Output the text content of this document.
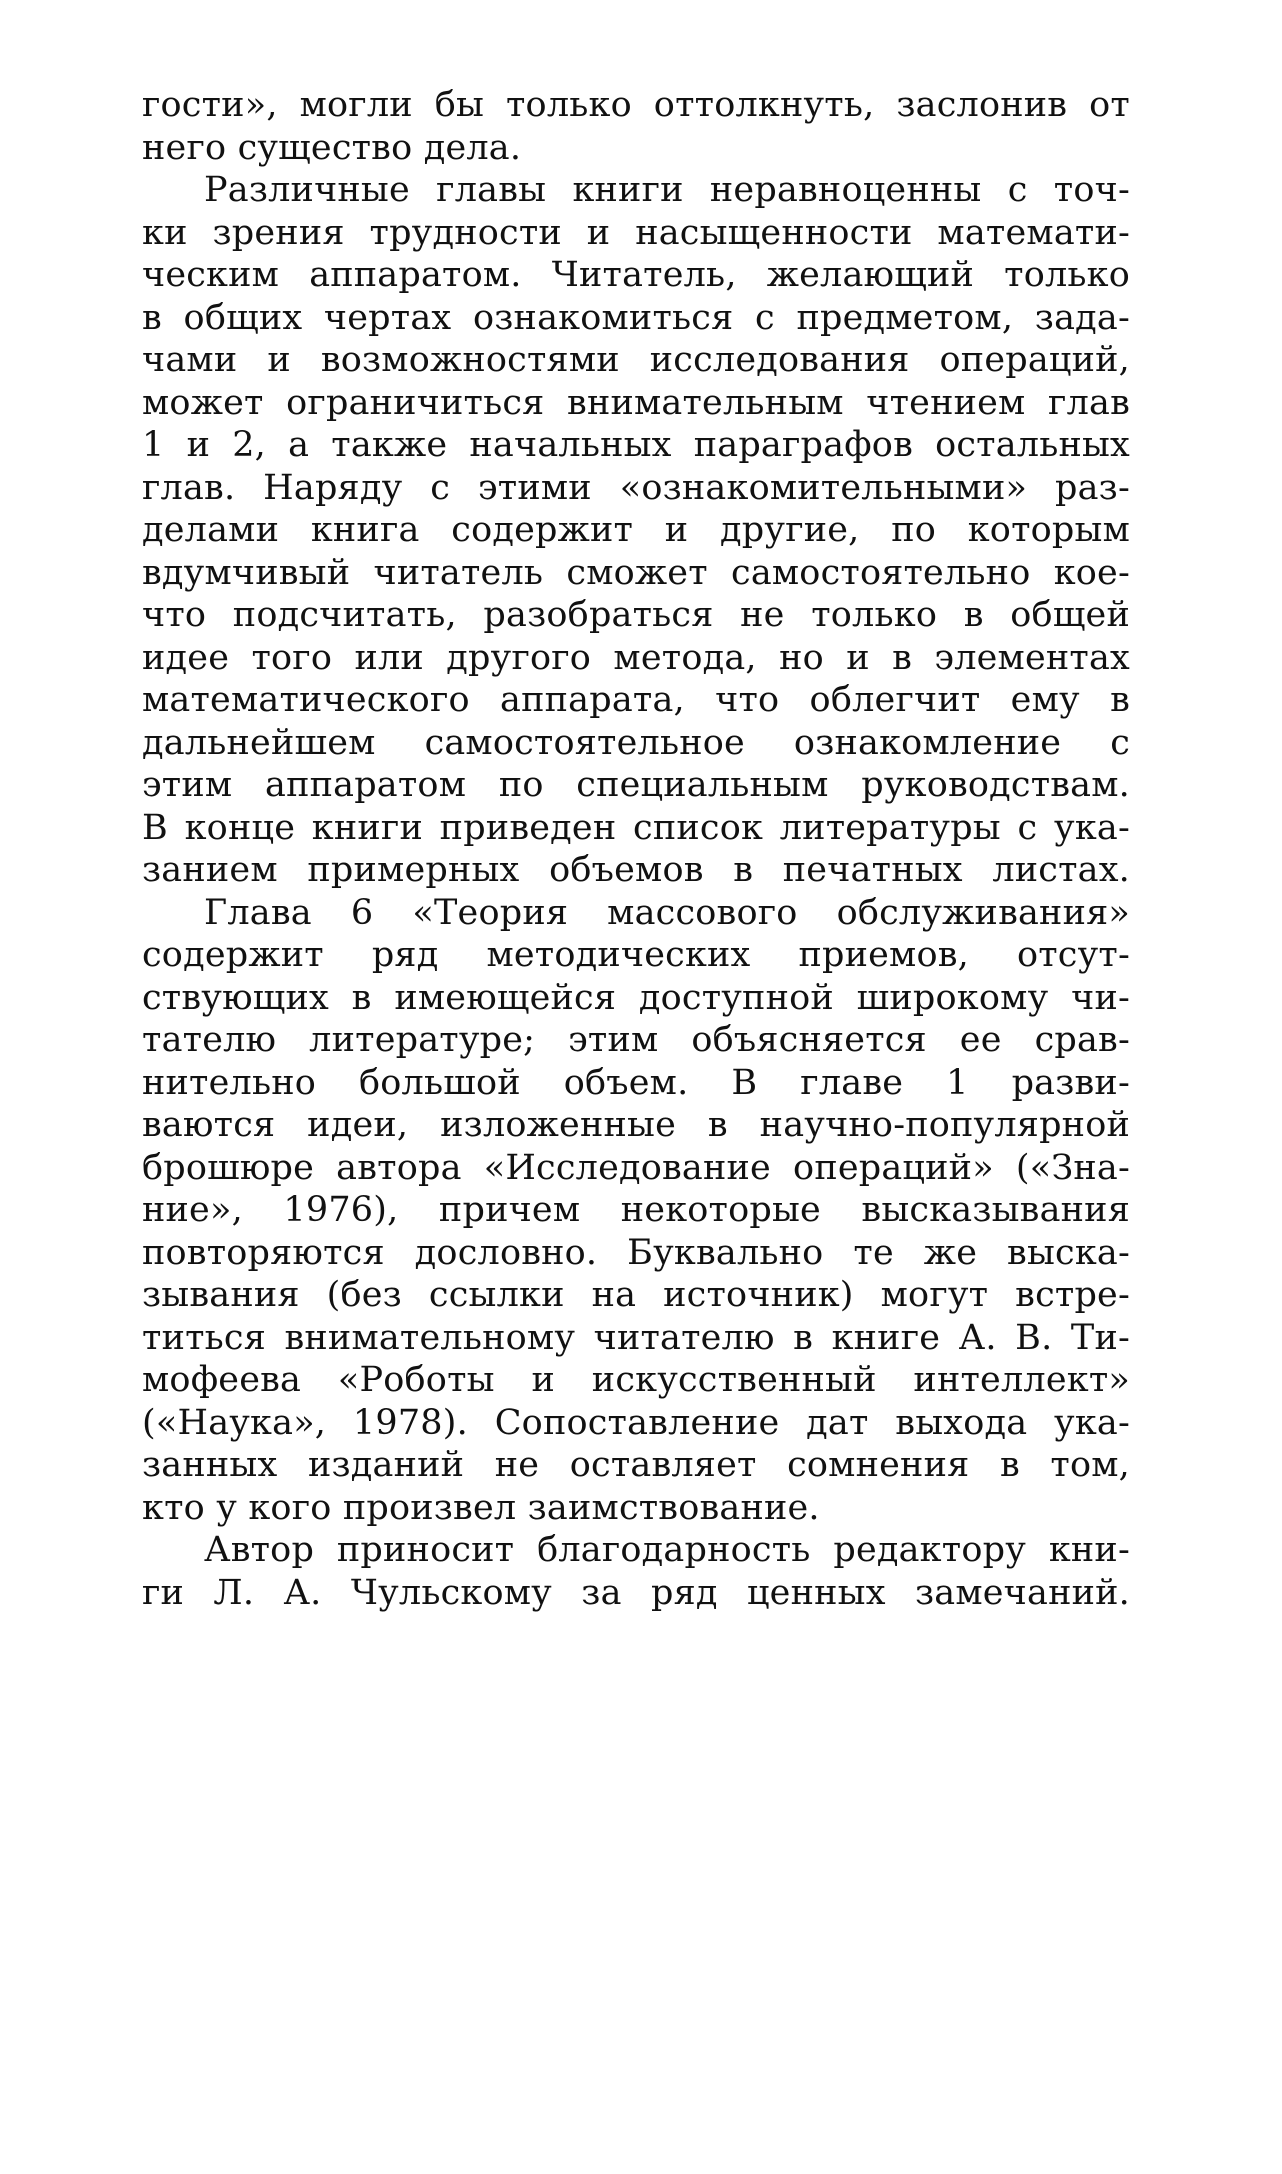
гости», могли бы только оттолкнуть, заслонив от
него существо дела.
Различные главы книги неравноценны с точ-
ки зрения трудности и насыщенности математи-
ческим аппаратом. Читатель, желающий только
в общих чертах ознакомиться с предметом, зада-
чами и возможностями исследования операций,
может ограничиться внимательным чтением глав
1 и 2, а также начальных параграфов остальных
глав. Наряду с этими «ознакомительными» раз-
делами книга содержит и другие, по которым
вдумчивый читатель сможет самостоятельно кое-
что подсчитать, разобраться не только в общей
идее того или другого метода, но и в элементах
математического аппарата, что облегчит ему в
дальнейшем самостоятельное ознакомление с
этим аппаратом по специальным руководствам.
В конце книги приведен список литературы с ука-
занием примерных объемов в печатных листах.
Глава 6 «Теория массового обслуживания»
содержит ряд методических приемов, отсут-
ствующих в имеющейся доступной широкому чи-
тателю литературе; этим объясняется ее срав-
нительно большой объем. В главе 1 разви-
ваются идеи, изложенные в научно-популярной
брошюре автора «Исследование операций» («Зна-
ние», 1976), причем некоторые высказывания
повторяются дословно. Буквально те же выска-
зывания (без ссылки на источник) могут встре-
титься внимательному читателю в книге А. В. Ти-
мофеева «Роботы и искусственный интеллект»
(«Наука», 1978). Сопоставление дат выхода ука-
занных изданий не оставляет сомнения в том,
кто у кого произвел заимствование.
Автор приносит благодарность редактору кни-
ги Л. А. Чульскому за ряд ценных замечаний.
